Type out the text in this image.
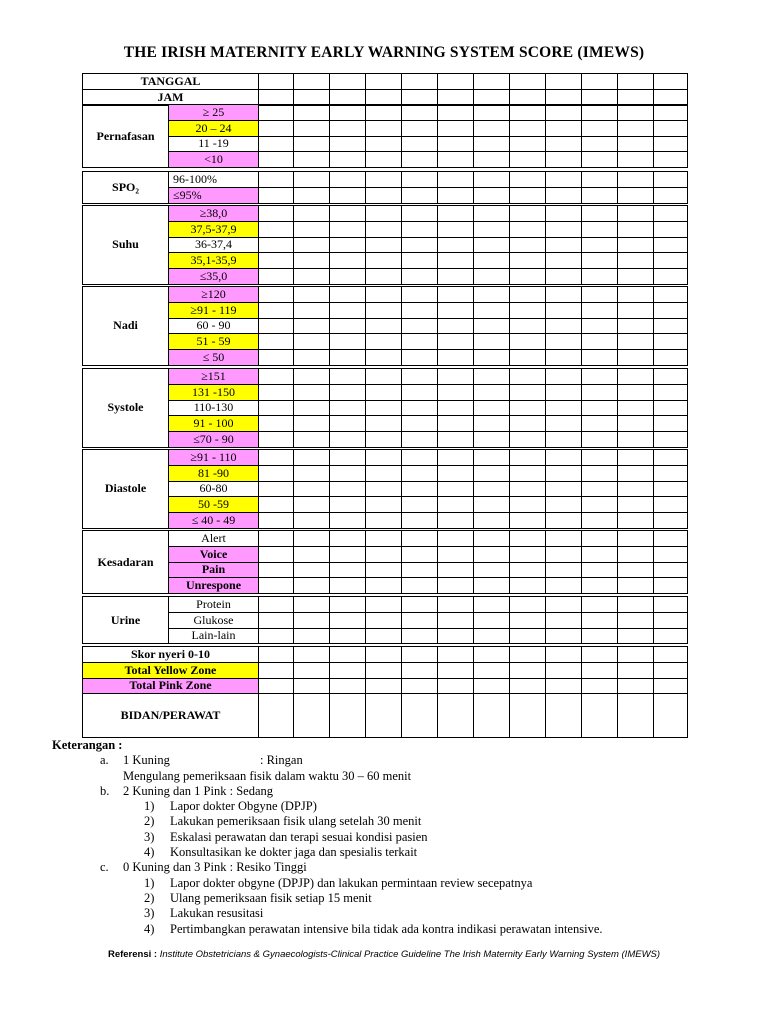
THE IRISH MATERNITY EARLY WARNING SYSTEM SCORE (IMEWS)
TANGGAL												
JAM												
Pernafasan	≥ 25												
	20 – 24												
	11 -19												
	<10												
SPO₂	96-100%												
	≤95%												
Suhu	≥38,0												
	37,5-37,9												
	36-37,4												
	35,1-35,9												
	≤35,0												
Nadi	≥120												
	≥91 - 119												
	60 - 90												
	51 - 59												
	≤ 50												
Systole	≥151												
	131 -150												
	110-130												
	91 - 100												
	≤70 - 90												
Diastole	≥91 - 110												
	81 -90												
	60-80												
	50 -59												
	≤ 40 - 49												
Kesadaran	Alert												
	Voice												
	Pain												
	Unrespone												
Urine	Protein												
	Glukose												
	Lain-lain												
Skor nyeri 0-10												
Total Yellow Zone												
Total Pink Zone												
BIDAN/PERAWAT												
Keterangan :
a. 1 Kuning	: Ringan
Mengulang pemeriksaan fisik dalam waktu 30 – 60 menit
b. 2 Kuning dan 1 Pink : Sedang
1) Lapor dokter Obgyne (DPJP)
2) Lakukan pemeriksaan fisik ulang setelah 30 menit
3) Eskalasi perawatan dan terapi sesuai kondisi pasien
4) Konsultasikan ke dokter jaga dan spesialis terkait
c. 0 Kuning dan 3 Pink : Resiko Tinggi
1) Lapor dokter obgyne (DPJP) dan lakukan permintaan review secepatnya
2) Ulang pemeriksaan fisik setiap 15 menit
3) Lakukan resusitasi
4) Pertimbangkan perawatan intensive bila tidak ada kontra indikasi perawatan intensive.
Referensi : Institute Obstetricians & Gynaecologists-Clinical Practice Guideline The Irish Maternity Early Warning System (IMEWS)
